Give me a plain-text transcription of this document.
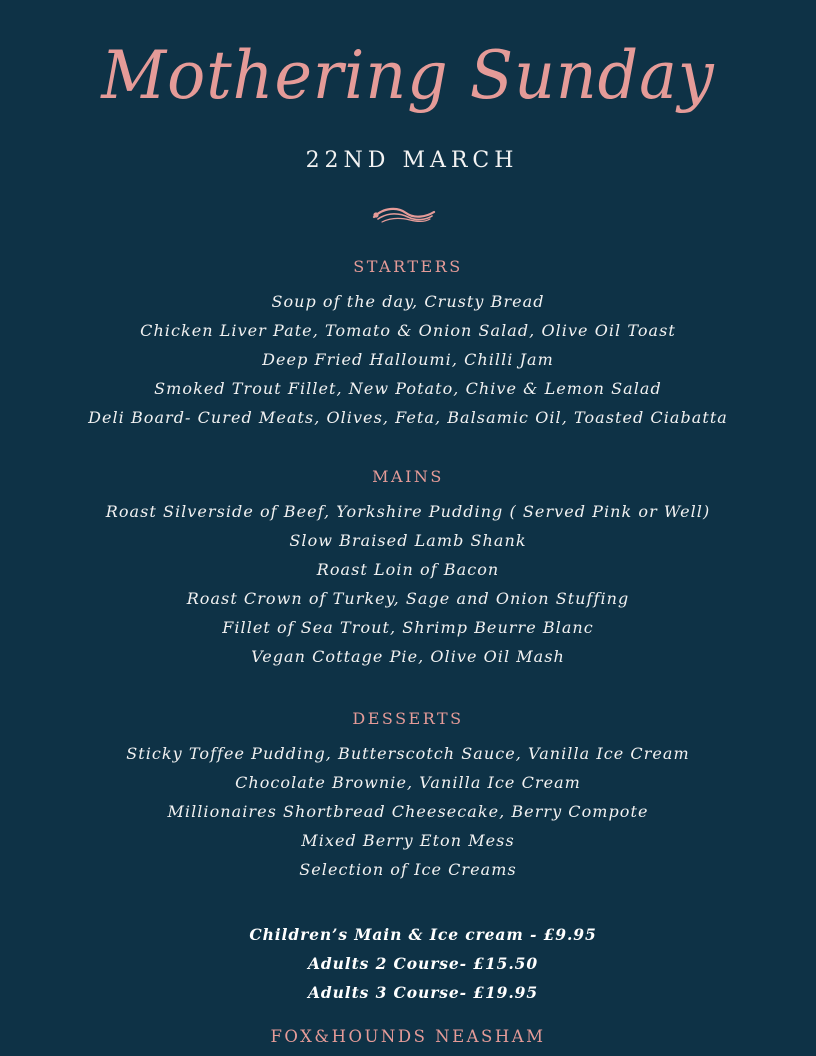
Mothering Sunday
22ND MARCH
STARTERS
Soup of the day, Crusty Bread
Chicken Liver Pate, Tomato & Onion Salad, Olive Oil Toast
Deep Fried Halloumi, Chilli Jam
Smoked Trout Fillet, New Potato, Chive & Lemon Salad
Deli Board- Cured Meats, Olives, Feta, Balsamic Oil, Toasted Ciabatta
MAINS
Roast Silverside of Beef, Yorkshire Pudding ( Served Pink or Well)
Slow Braised Lamb Shank
Roast Loin of Bacon
Roast Crown of Turkey, Sage and Onion Stuffing
Fillet of Sea Trout, Shrimp Beurre Blanc
Vegan Cottage Pie, Olive Oil Mash
DESSERTS
Sticky Toffee Pudding, Butterscotch Sauce, Vanilla Ice Cream
Chocolate Brownie, Vanilla Ice Cream
Millionaires Shortbread Cheesecake, Berry Compote
Mixed Berry Eton Mess
Selection of Ice Creams
Children’s Main & Ice cream - £9.95
Adults 2 Course- £15.50
Adults 3 Course- £19.95
FOX&HOUNDS NEASHAM
